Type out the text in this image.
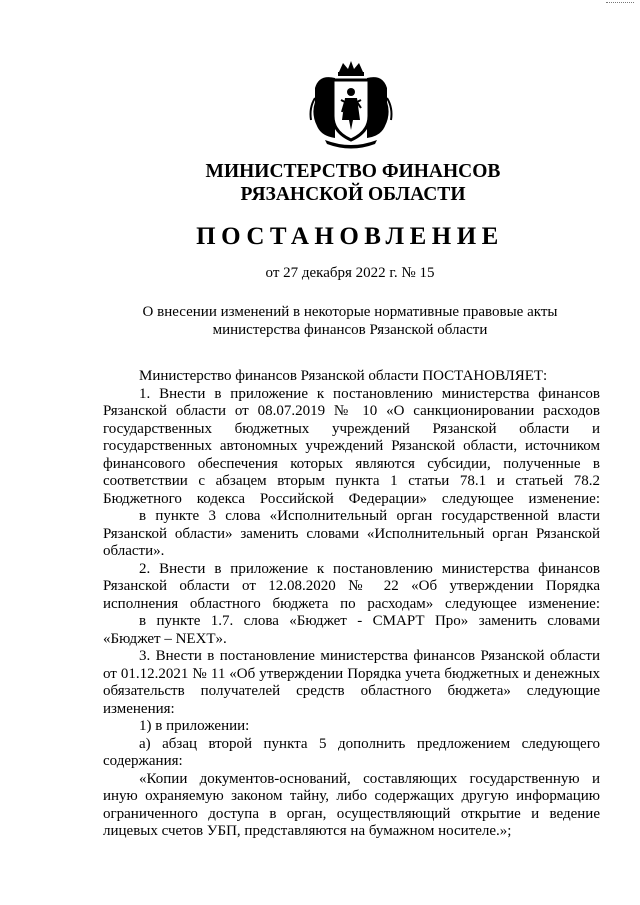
МИНИСТЕРСТВО ФИНАНСОВ
РЯЗАНСКОЙ ОБЛАСТИ
ПОСТАНОВЛЕНИЕ
от 27 декабря 2022 г. № 15
О внесении изменений в некоторые нормативные правовые акты
министерства финансов Рязанской области

Министерство финансов Рязанской области ПОСТАНОВЛЯЕТ:

1. Внести в приложение к постановлению министерства финансов Рязанской области от 08.07.2019 № 10 «О санкционировании расходов государственных бюджетных учреждений Рязанской области и государственных автономных учреждений Рязанской области, источником финансового обеспечения которых являются субсидии, полученные в соответствии с абзацем вторым пункта 1 статьи 78.1 и статьей 78.2 Бюджетного кодекса Российской Федерации» следующее изменение:

в пункте 3 слова «Исполнительный орган государственной власти Рязанской области» заменить словами «Исполнительный орган Рязанской области».

2. Внести в приложение к постановлению министерства финансов Рязанской области от 12.08.2020 № 22 «Об утверждении Порядка исполнения областного бюджета по расходам» следующее изменение:

в пункте 1.7. слова «Бюджет - СМАРТ Про» заменить словами «Бюджет – NEXT».

3. Внести в постановление министерства финансов Рязанской области от 01.12.2021 № 11 «Об утверждении Порядка учета бюджетных и денежных обязательств получателей средств областного бюджета» следующие изменения:

1) в приложении:

а) абзац второй пункта 5 дополнить предложением следующего содержания:

«Копии документов-оснований, составляющих государственную и иную охраняемую законом тайну, либо содержащих другую информацию ограниченного доступа в орган, осуществляющий открытие и ведение лицевых счетов УБП, представляются на бумажном носителе.»;
